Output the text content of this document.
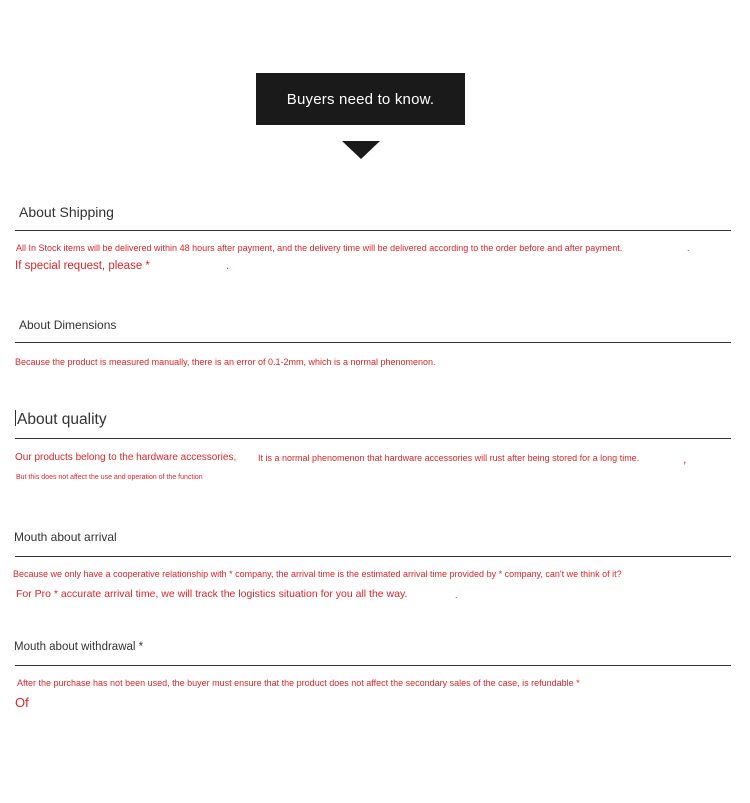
Buyers need to know.
About Shipping
All In Stock items will be delivered within 48 hours after payment, and the delivery time will be delivered according to the order before and after payment.	.
If special request, please *	.
About Dimensions
Because the product is measured manually, there is an error of 0.1-2mm, which is a normal phenomenon.
About quality
Our products belong to the hardware accessories, It is a normal phenomenon that hardware accessories will rust after being stored for a long time.	,
But this does not affect the use and operation of the function
Mouth about arrival
Because we only have a cooperative relationship with * company, the arrival time is the estimated arrival time provided by * company, can't we think of it?
For Pro * accurate arrival time, we will track the logistics situation for you all the way.	.
Mouth about withdrawal *
After the purchase has not been used, the buyer must ensure that the product does not affect the secondary sales of the case, is refundable *
Of
